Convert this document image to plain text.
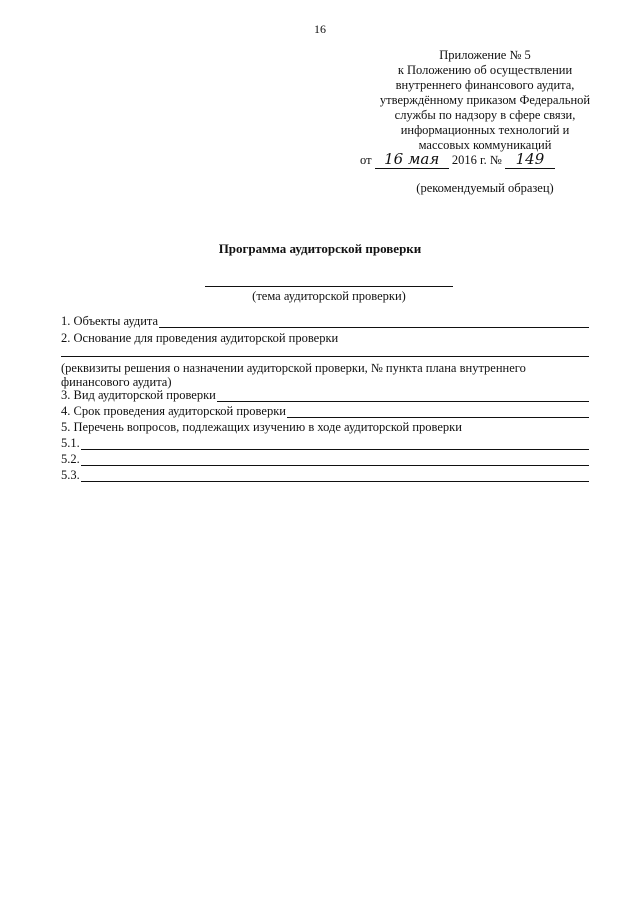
16
Приложение № 5
к Положению об осуществлении
внутреннего финансового аудита,
утверждённому приказом Федеральной
службы по надзору в сфере связи,
информационных технологий и
массовых коммуникаций
от 16 мая 2016 г. № 149
(рекомендуемый образец)
Программа аудиторской проверки
(тема аудиторской проверки)
1. Объекты аудита
2. Основание для проведения аудиторской проверки
(реквизиты решения о назначении аудиторской проверки, № пункта плана внутреннего финансового аудита)
3. Вид аудиторской проверки
4. Срок проведения аудиторской проверки
5. Перечень вопросов, подлежащих изучению в ходе аудиторской проверки
5.1.
5.2.
5.3.
